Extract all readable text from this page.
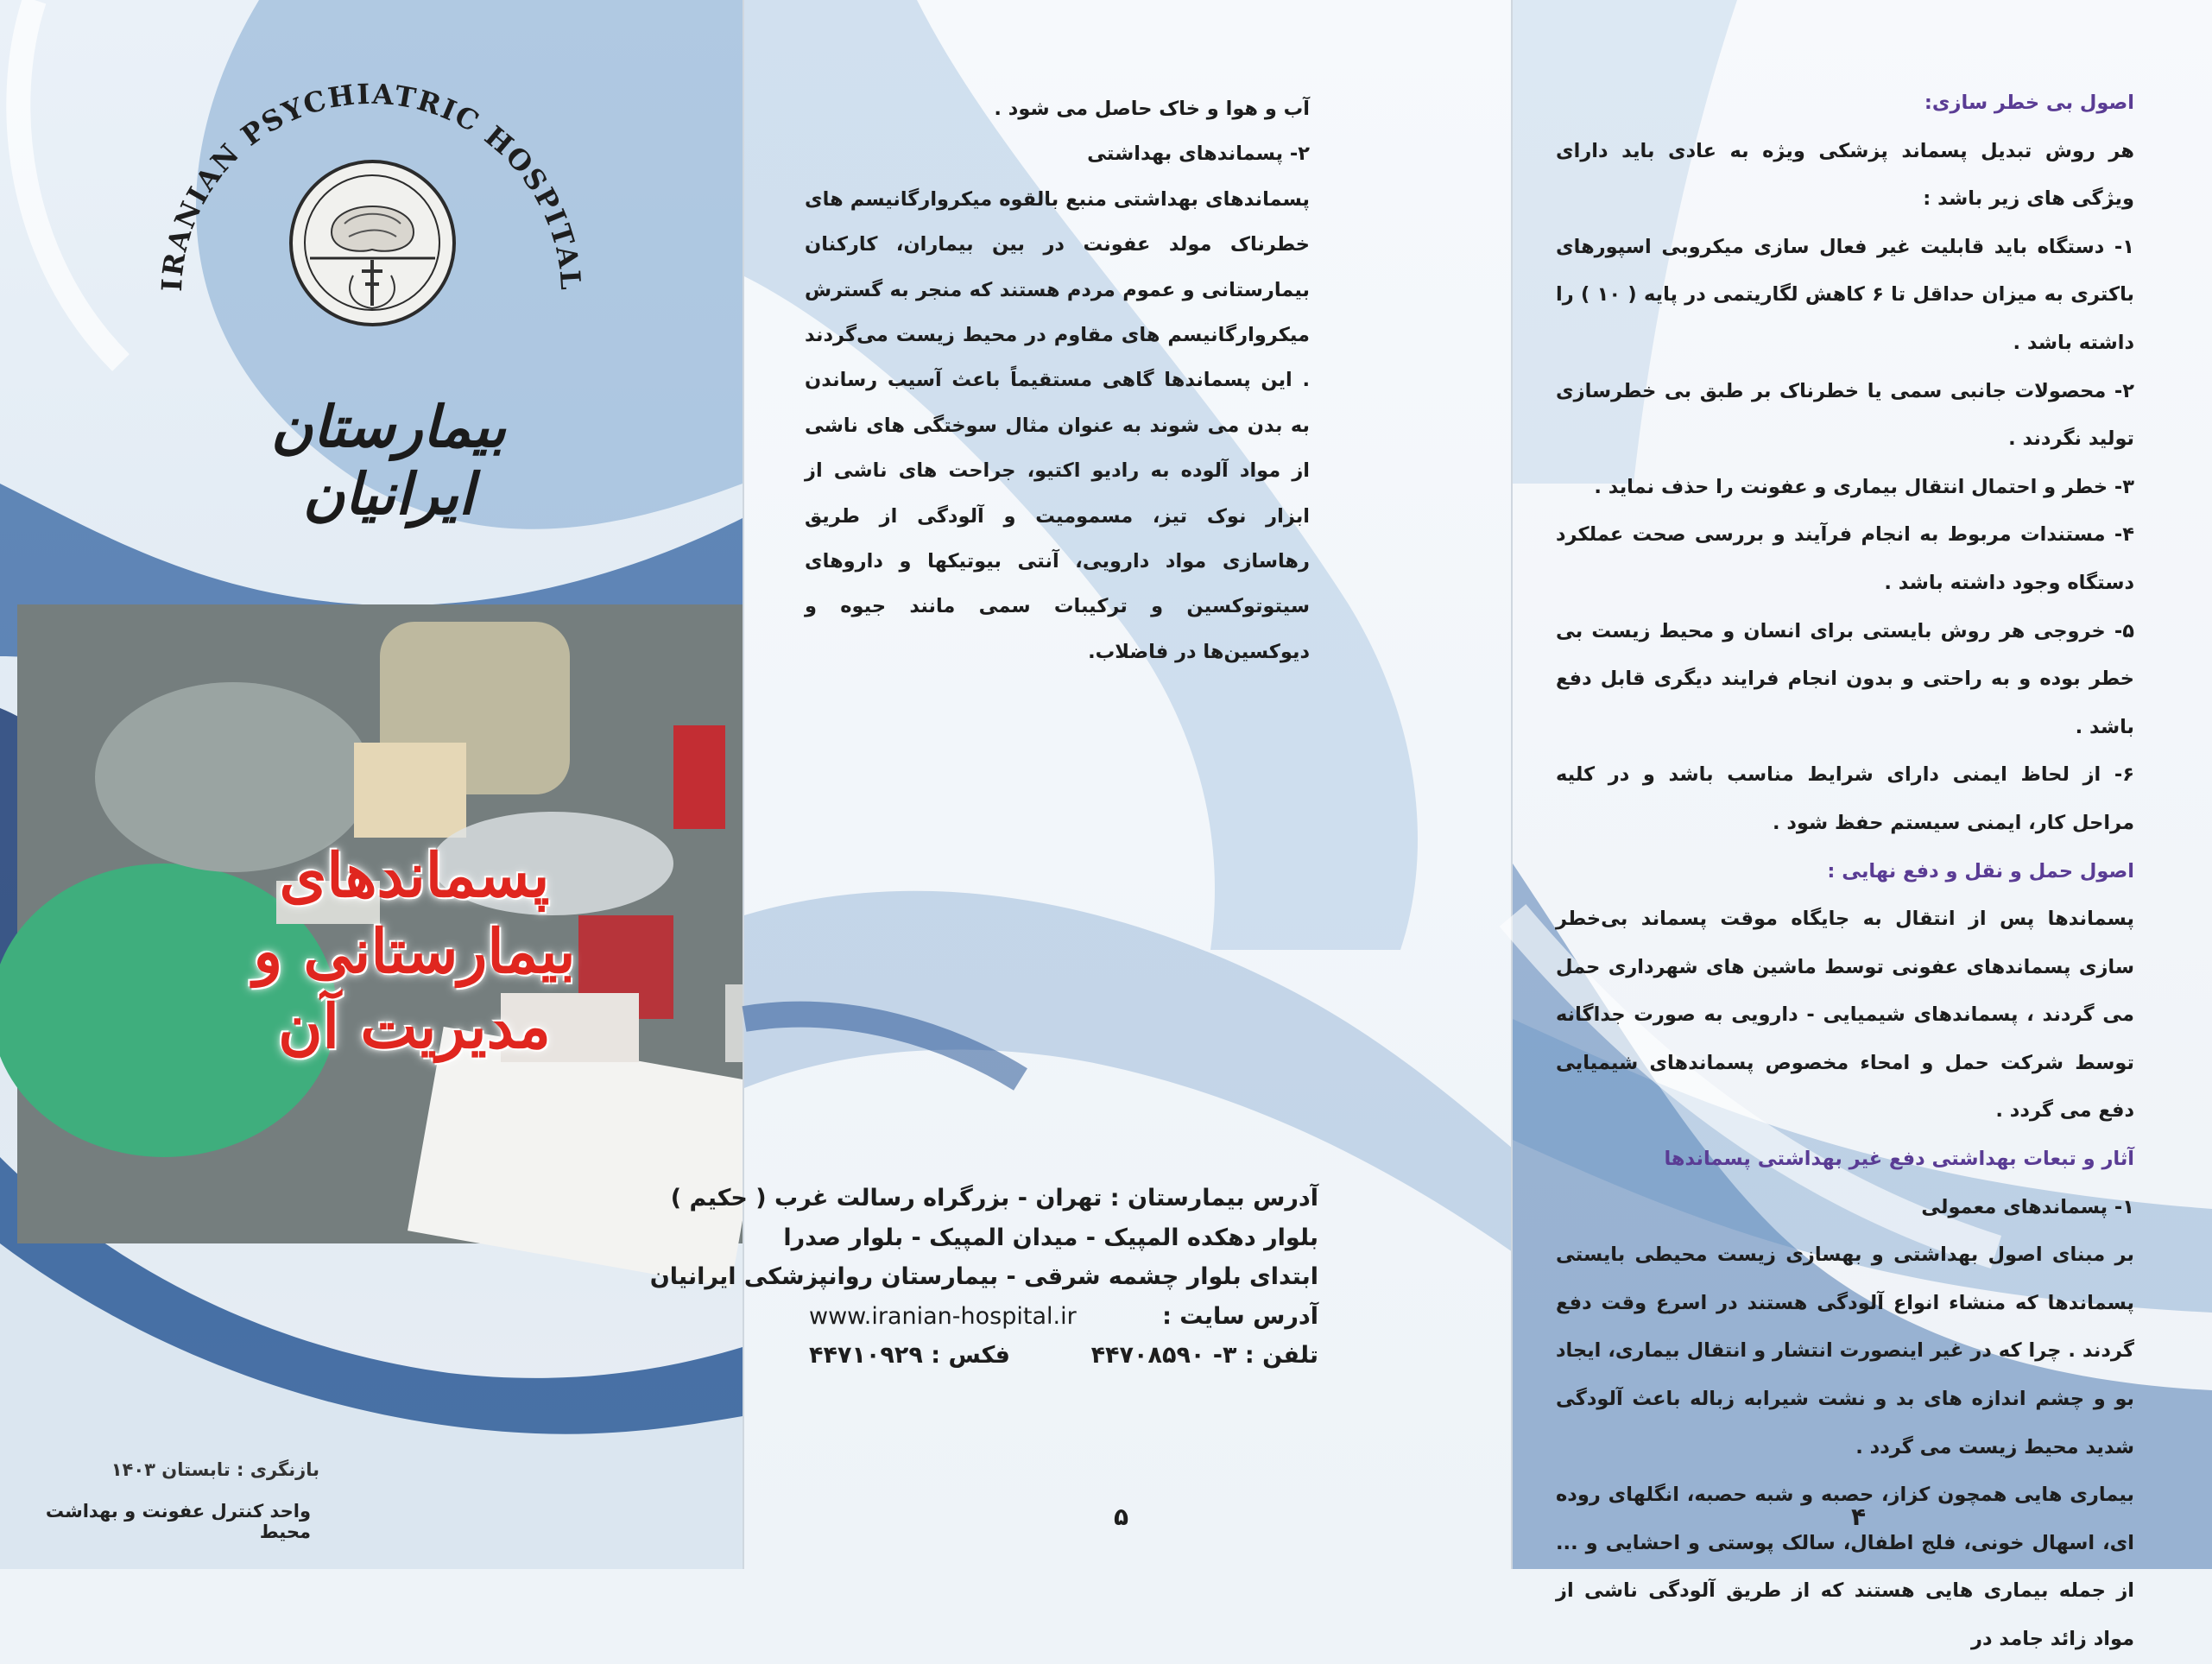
IRANIAN PSYCHIATRIC HOSPITAL
بیمارستان ایرانیان
پسماندهای بیمارستانی و
مدیریت آن
بازنگری : تابستان ۱۴۰۳
واحد کنترل عفونت و بهداشت محیط

آب و هوا و خاک حاصل می شود .

۲- پسماندهای بهداشتی

پسماندهای بهداشتی منبع بالقوه میکروارگانیسم های خطرناک مولد عفونت در بین بیماران، کارکنان بیمارستانی و عموم مردم هستند که منجر به گسترش میکروارگانیسم های مقاوم در محیط زیست می‌گردند . این پسماندها گاهی مستقیماً باعث آسیب رساندن به بدن می شوند به عنوان مثال سوختگی های ناشی از مواد آلوده به رادیو اکتیو، جراحت های ناشی از ابزار نوک تیز، مسمومیت و آلودگی از طریق رهاسازی مواد دارویی، آنتی بیوتیکها و داروهای سیتوتوکسین و ترکیبات سمی مانند جیوه و دیوکسین‌ها در فاضلاب.

آدرس بیمارستان : تهران - بزرگراه رسالت غرب ( حکیم )
بلوار دهکده المپیک - میدان المپیک - بلوار صدرا
ابتدای بلوار چشمه شرقی - بیمارستان روانپزشکی ایرانیان
آدرس سایت :
www.iranian-hospital.ir
تلفن : ۳- ۴۴۷۰۸۵۹۰
فکس : ۴۴۷۱۰۹۲۹
۵

اصول بی خطر سازی:

هر روش تبدیل پسماند پزشکی ویژه به عادی باید دارای ویژگی های زیر باشد :

۱- دستگاه باید قابلیت غیر فعال سازی میکروبی اسپورهای باکتری به میزان حداقل تا ۶ کاهش لگاریتمی در پایه ( ۱۰ ) را داشته باشد .

۲- محصولات جانبی سمی یا خطرناک بر طبق بی خطرسازی تولید نگردند .

۳- خطر و احتمال انتقال بیماری و عفونت را حذف نماید .

۴- مستندات مربوط به انجام فرآیند و بررسی صحت عملکرد دستگاه وجود داشته باشد .

۵- خروجی هر روش بایستی برای انسان و محیط زیست بی خطر بوده و به راحتی و بدون انجام فرایند دیگری قابل دفع باشد .

۶- از لحاظ ایمنی دارای شرایط مناسب باشد و در کلیه مراحل کار، ایمنی سیستم حفظ شود .

اصول حمل و نقل و دفع نهایی :

پسماندها پس از انتقال به جایگاه موقت پسماند بی‌خطر سازی پسماندهای عفونی توسط ماشین های شهرداری حمل می گردند ، پسماندهای شیمیایی - دارویی به صورت جداگانه توسط شرکت حمل و امحاء مخصوص پسماندهای شیمیایی دفع می گردد .

آثار و تبعات بهداشتی دفع غیر بهداشتی پسماندها

۱- پسماندهای معمولی

بر مبنای اصول بهداشتی و بهسازی زیست محیطی بایستی پسماندها که منشاء انواع آلودگی هستند در اسرع وقت دفع گردند . چرا که در غیر اینصورت انتشار و انتقال بیماری، ایجاد بو و چشم اندازه های بد و نشت شیرابه زباله باعث آلودگی شدید محیط زیست می گردد .

بیماری هایی همچون کزاز، حصبه و شبه حصبه، انگلهای روده ای، اسهال خونی، فلج اطفال، سالک پوستی و احشایی و ... از جمله بیماری هایی هستند که از طریق آلودگی ناشی از مواد زائد جامد در

۴
